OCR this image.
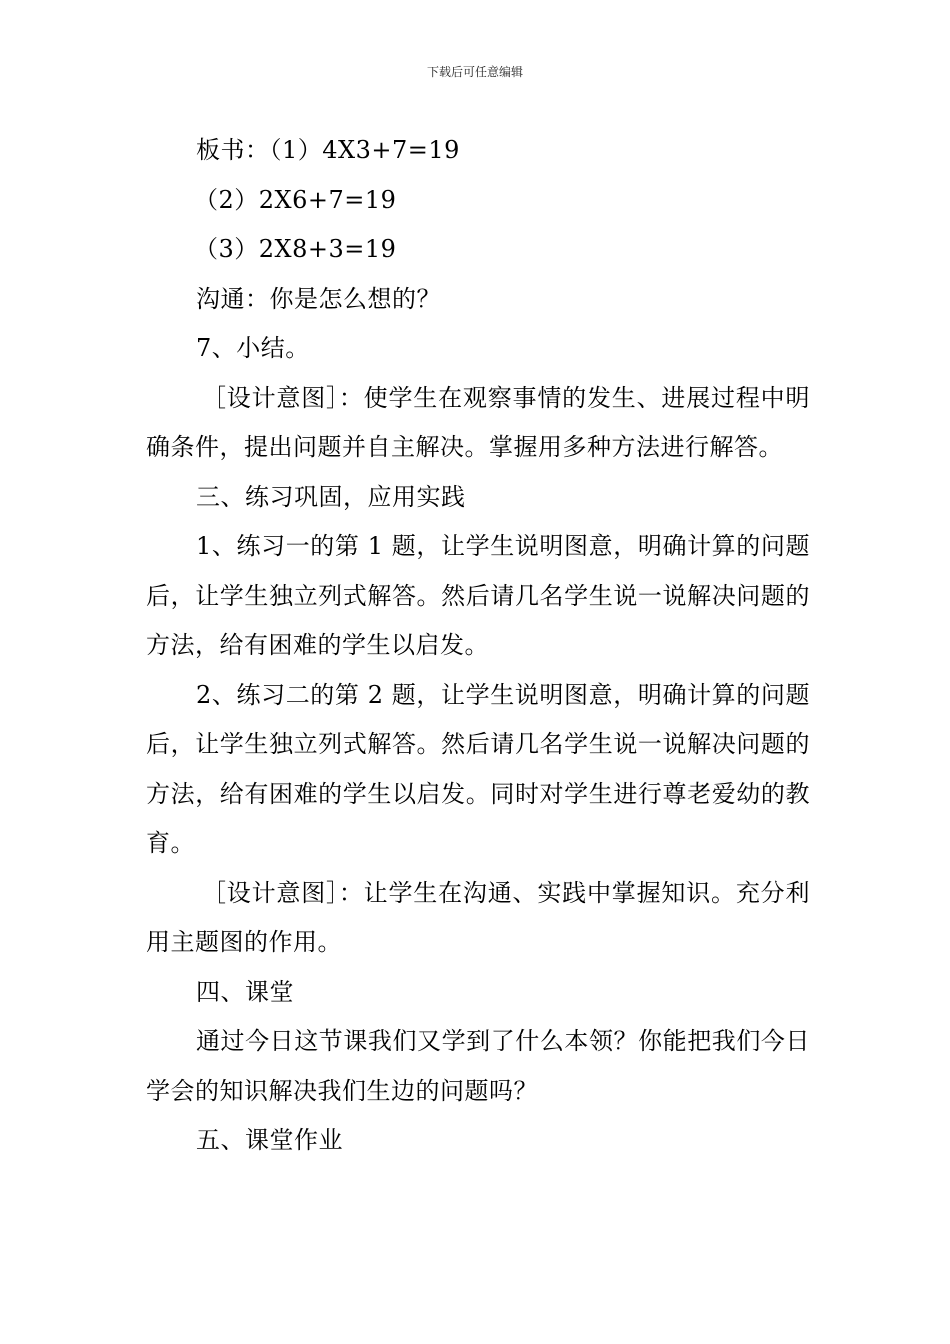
下载后可任意编辑

板书：（1）4X3+7=19

（2）2X6+7=19

（3）2X8+3=19

沟通：你是怎么想的？

7、小结。

［设计意图］：使学生在观察事情的发生、进展过程中明确条件，提出问题并自主解决。掌握用多种方法进行解答。

三、练习巩固，应用实践

1、练习一的第 1 题，让学生说明图意，明确计算的问题后，让学生独立列式解答。然后请几名学生说一说解决问题的方法，给有困难的学生以启发。

2、练习二的第 2 题，让学生说明图意，明确计算的问题后，让学生独立列式解答。然后请几名学生说一说解决问题的方法，给有困难的学生以启发。同时对学生进行尊老爱幼的教育。

［设计意图］：让学生在沟通、实践中掌握知识。充分利用主题图的作用。

四、课堂

通过今日这节课我们又学到了什么本领？你能把我们今日学会的知识解决我们生边的问题吗？

五、课堂作业
